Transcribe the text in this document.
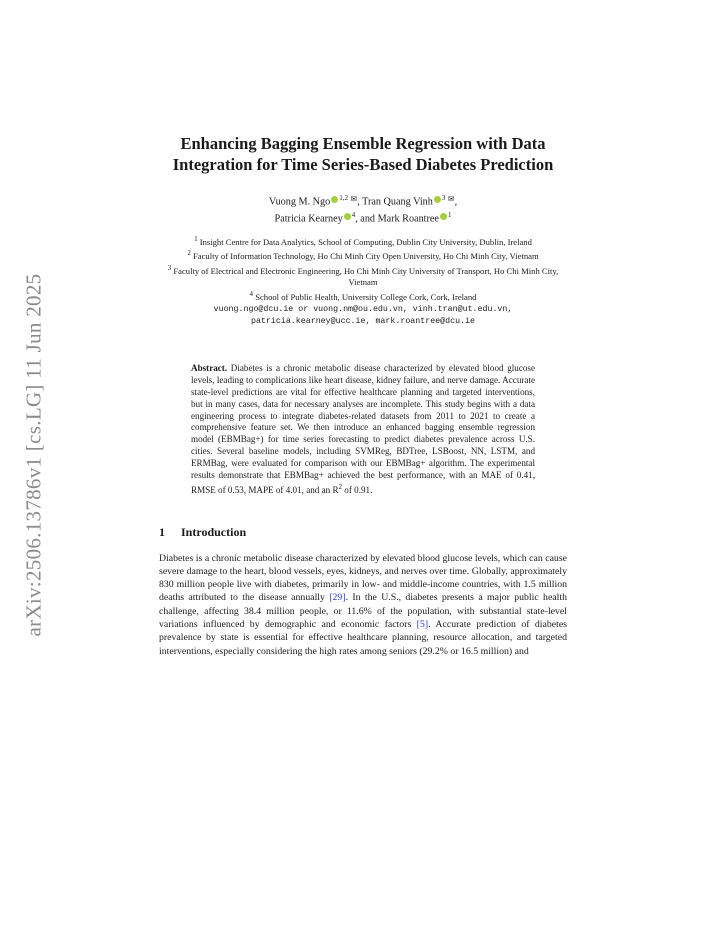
arXiv:2506.13786v1 [cs.LG] 11 Jun 2025
Enhancing Bagging Ensemble Regression with Data Integration for Time Series-Based Diabetes Prediction
Vuong M. Ngo $^{1,2}$ ✉, Tran Quang Vinh $^3$ ✉,
Patricia Kearney $^4$, and Mark Roantree $^1$

$^1$ Insight Centre for Data Analytics, School of Computing, Dublin City University, Dublin, Ireland

$^2$ Faculty of Information Technology, Ho Chi Minh City Open University, Ho Chi Minh City, Vietnam

$^3$ Faculty of Electrical and Electronic Engineering, Ho Chi Minh City University of Transport, Ho Chi Minh City, Vietnam

$^4$ School of Public Health, University College Cork, Cork, Ireland

vuong.ngo@dcu.ie or vuong.nm@ou.edu.vn, vinh.tran@ut.edu.vn,
patricia.kearney@ucc.ie, mark.roantree@dcu.ie
Abstract. Diabetes is a chronic metabolic disease characterized by elevated blood glucose levels, leading to complications like heart disease, kidney failure, and nerve damage. Accurate state-level predictions are vital for effective healthcare planning and targeted interventions, but in many cases, data for necessary analyses are incomplete. This study begins with a data engineering process to integrate diabetes-related datasets from 2011 to 2021 to create a comprehensive feature set. We then introduce an enhanced bagging ensemble regression model (EBMBag+) for time series forecasting to predict diabetes prevalence across U.S. cities. Several baseline models, including SVMReg, BDTree, LSBoost, NN, LSTM, and ERMBag, were evaluated for comparison with our EBMBag+ algorithm. The experimental results demonstrate that EBMBag+ achieved the best performance, with an MAE of 0.41, RMSE of 0.53, MAPE of 4.01, and an $R^2$ of 0.91.
1 Introduction

Diabetes is a chronic metabolic disease characterized by elevated blood glucose levels, which can cause severe damage to the heart, blood vessels, eyes, kidneys, and nerves over time. Globally, approximately 830 million people live with diabetes, primarily in low- and middle-income countries, with 1.5 million deaths attributed to the disease annually [29]. In the U.S., diabetes presents a major public health challenge, affecting 38.4 million people, or 11.6% of the population, with substantial state-level variations influenced by demographic and economic factors [5]. Accurate prediction of diabetes prevalence by state is essential for effective healthcare planning, resource allocation, and targeted interventions, especially considering the high rates among seniors (29.2% or 16.5 million) and
